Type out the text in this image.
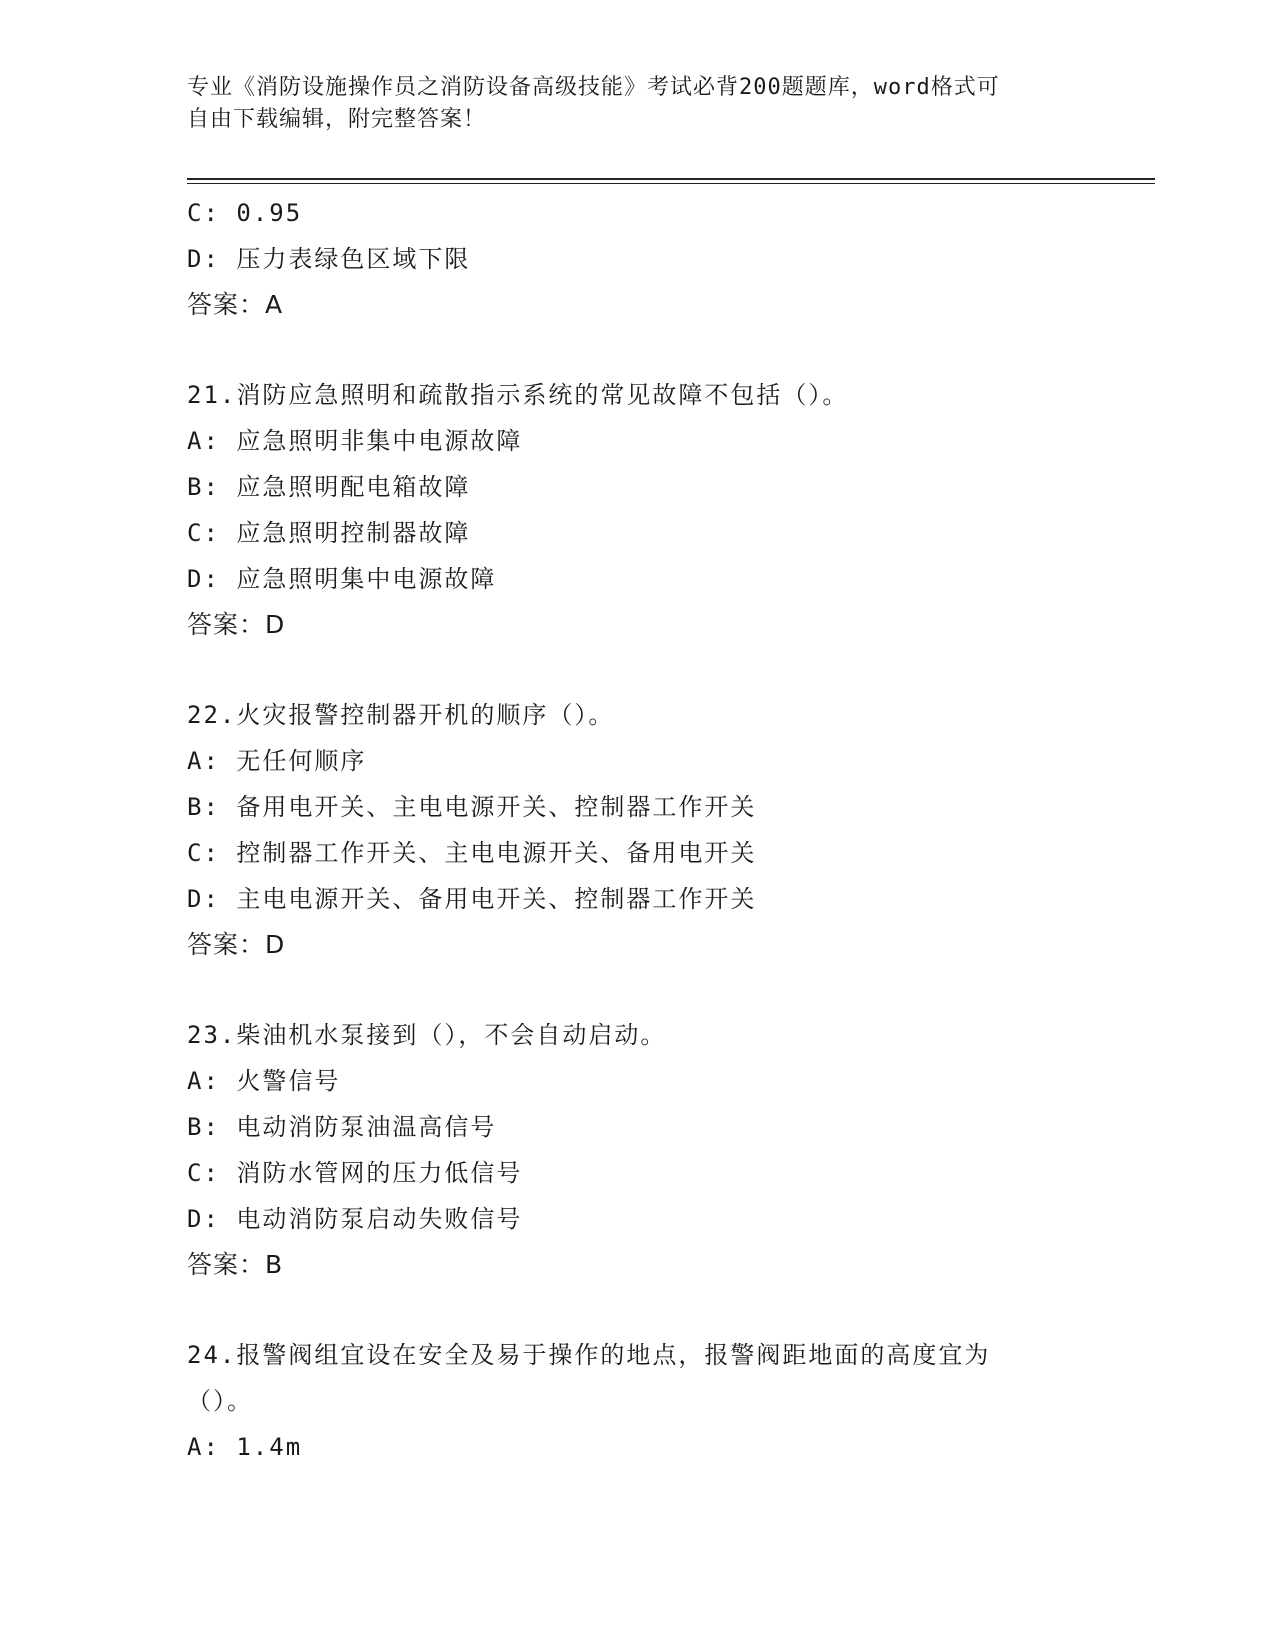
专业《消防设施操作员之消防设备高级技能》考试必背200题题库，word格式可
自由下载编辑，附完整答案！
C: 0.95
D: 压力表绿色区域下限
答案：A
21.消防应急照明和疏散指示系统的常见故障不包括（）。
A: 应急照明非集中电源故障
B: 应急照明配电箱故障
C: 应急照明控制器故障
D: 应急照明集中电源故障
答案：D
22.火灾报警控制器开机的顺序（）。
A: 无任何顺序
B: 备用电开关、主电电源开关、控制器工作开关
C: 控制器工作开关、主电电源开关、备用电开关
D: 主电电源开关、备用电开关、控制器工作开关
答案：D
23.柴油机水泵接到（），不会自动启动。
A: 火警信号
B: 电动消防泵油温高信号
C: 消防水管网的压力低信号
D: 电动消防泵启动失败信号
答案：B
24.报警阀组宜设在安全及易于操作的地点，报警阀距地面的高度宜为
（）。
A: 1.4m
